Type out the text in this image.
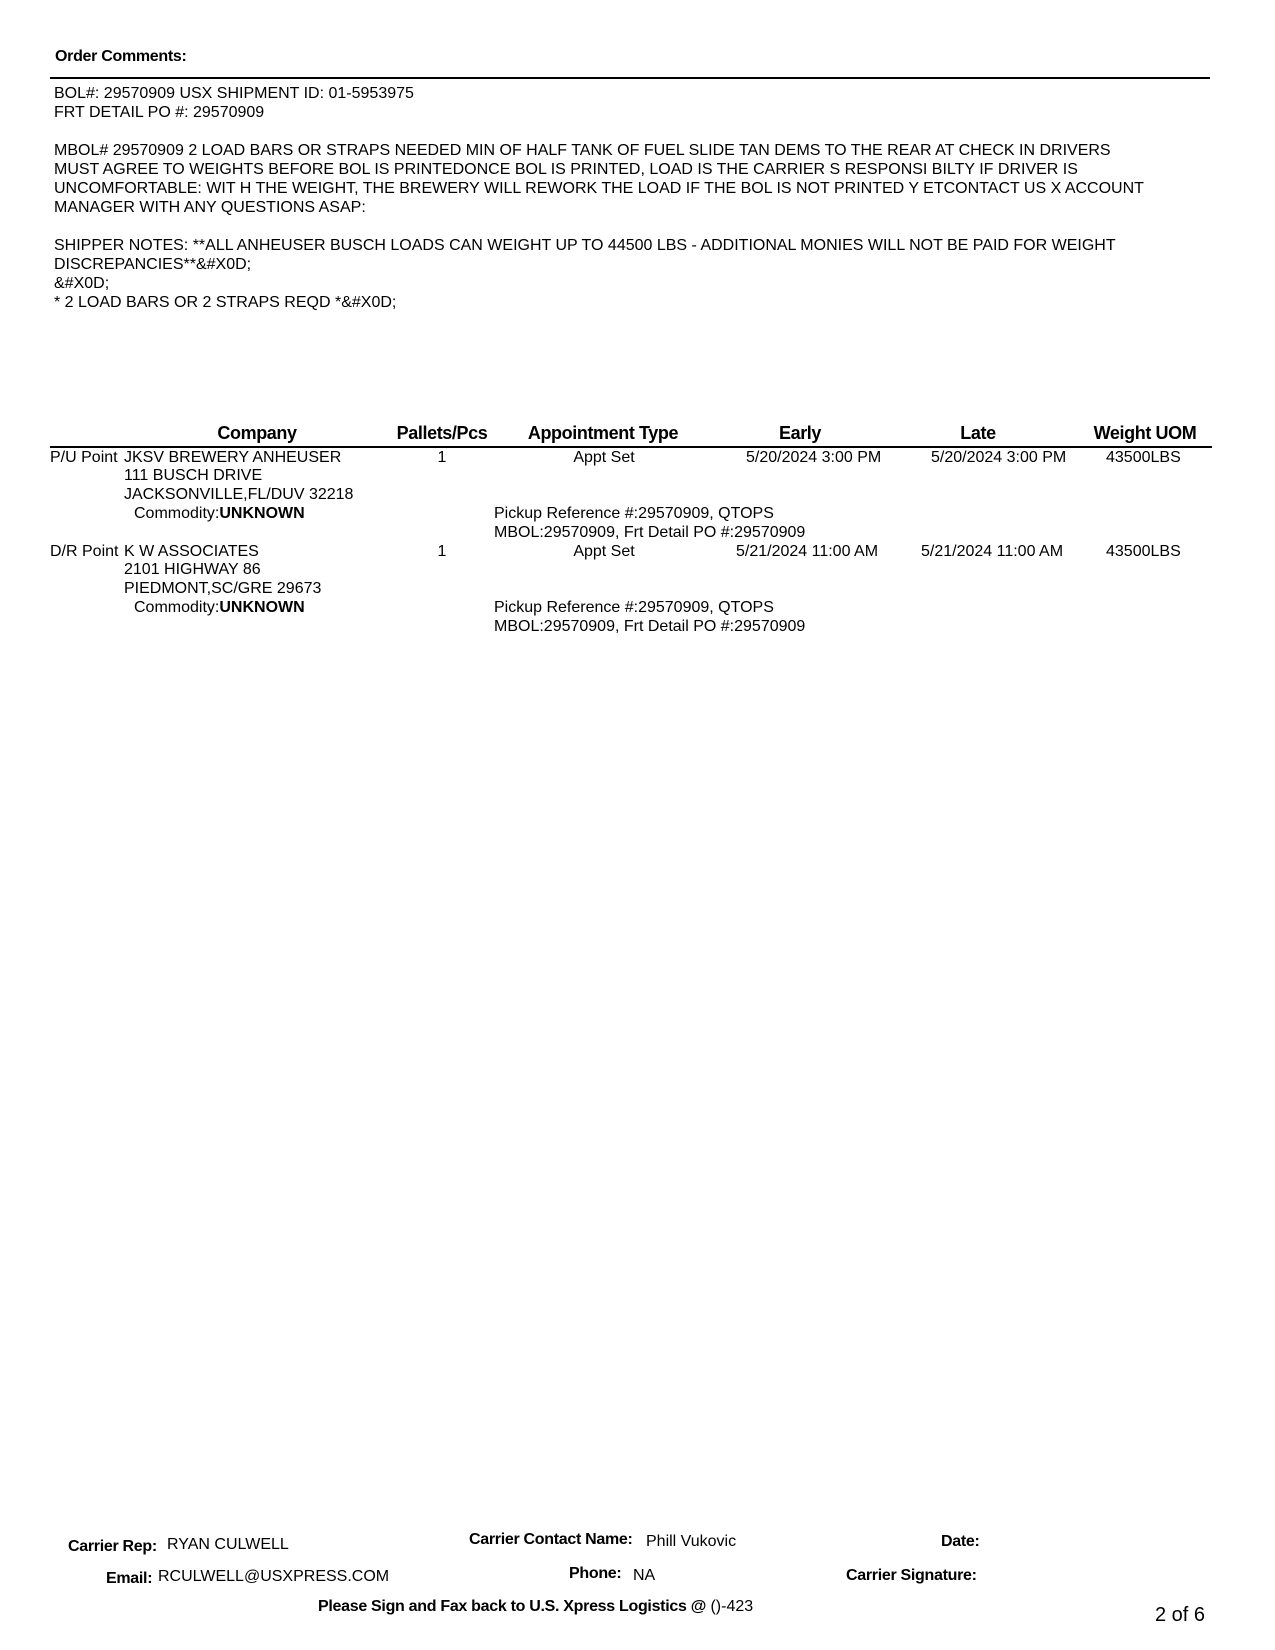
Order Comments:
BOL#: 29570909 USX SHIPMENT ID: 01-5953975
FRT DETAIL PO #: 29570909
MBOL# 29570909 2 LOAD BARS OR STRAPS NEEDED MIN OF HALF TANK OF FUEL SLIDE TAN DEMS TO THE REAR AT CHECK IN DRIVERS
MUST AGREE TO WEIGHTS BEFORE BOL IS PRINTEDONCE BOL IS PRINTED, LOAD IS THE CARRIER S RESPONSI BILTY IF DRIVER IS
UNCOMFORTABLE: WIT H THE WEIGHT, THE BREWERY WILL REWORK THE LOAD IF THE BOL IS NOT PRINTED Y ETCONTACT US X ACCOUNT
MANAGER WITH ANY QUESTIONS ASAP:
SHIPPER NOTES: **ALL ANHEUSER BUSCH LOADS CAN WEIGHT UP TO 44500 LBS - ADDITIONAL MONIES WILL NOT BE PAID FOR WEIGHT
DISCREPANCIES**&#X0D;
&#X0D;
* 2 LOAD BARS OR 2 STRAPS REQD *&#X0D;
Company	Pallets/Pcs Appointment Type	Early	Late	Weight UOM
P/U Point JKSV BREWERY ANHEUSER
111 BUSCH DRIVE
JACKSONVILLE,FL/DUV 32218
Commodity:UNKNOWN
1	Appt Set	5/20/2024 3:00 PM	5/20/2024 3:00 PM 43500LBS
Pickup Reference #:29570909, QTOPS
MBOL:29570909, Frt Detail PO #:29570909
D/R Point K W ASSOCIATES
2101 HIGHWAY 86
PIEDMONT,SC/GRE 29673
Commodity:UNKNOWN
1	Appt Set	5/21/2024 11:00 AM	5/21/2024 11:00 AM	43500LBS
Pickup Reference #:29570909, QTOPS
MBOL:29570909, Frt Detail PO #:29570909
Carrier Rep: RYAN CULWELL	Carrier Contact Name: Phill Vukovic	Date:
Email: RCULWELL@USXPRESS.COM	Phone: NA	Carrier Signature:
Please Sign and Fax back to U.S. Xpress Logistics @ ()-423	2 of 6
